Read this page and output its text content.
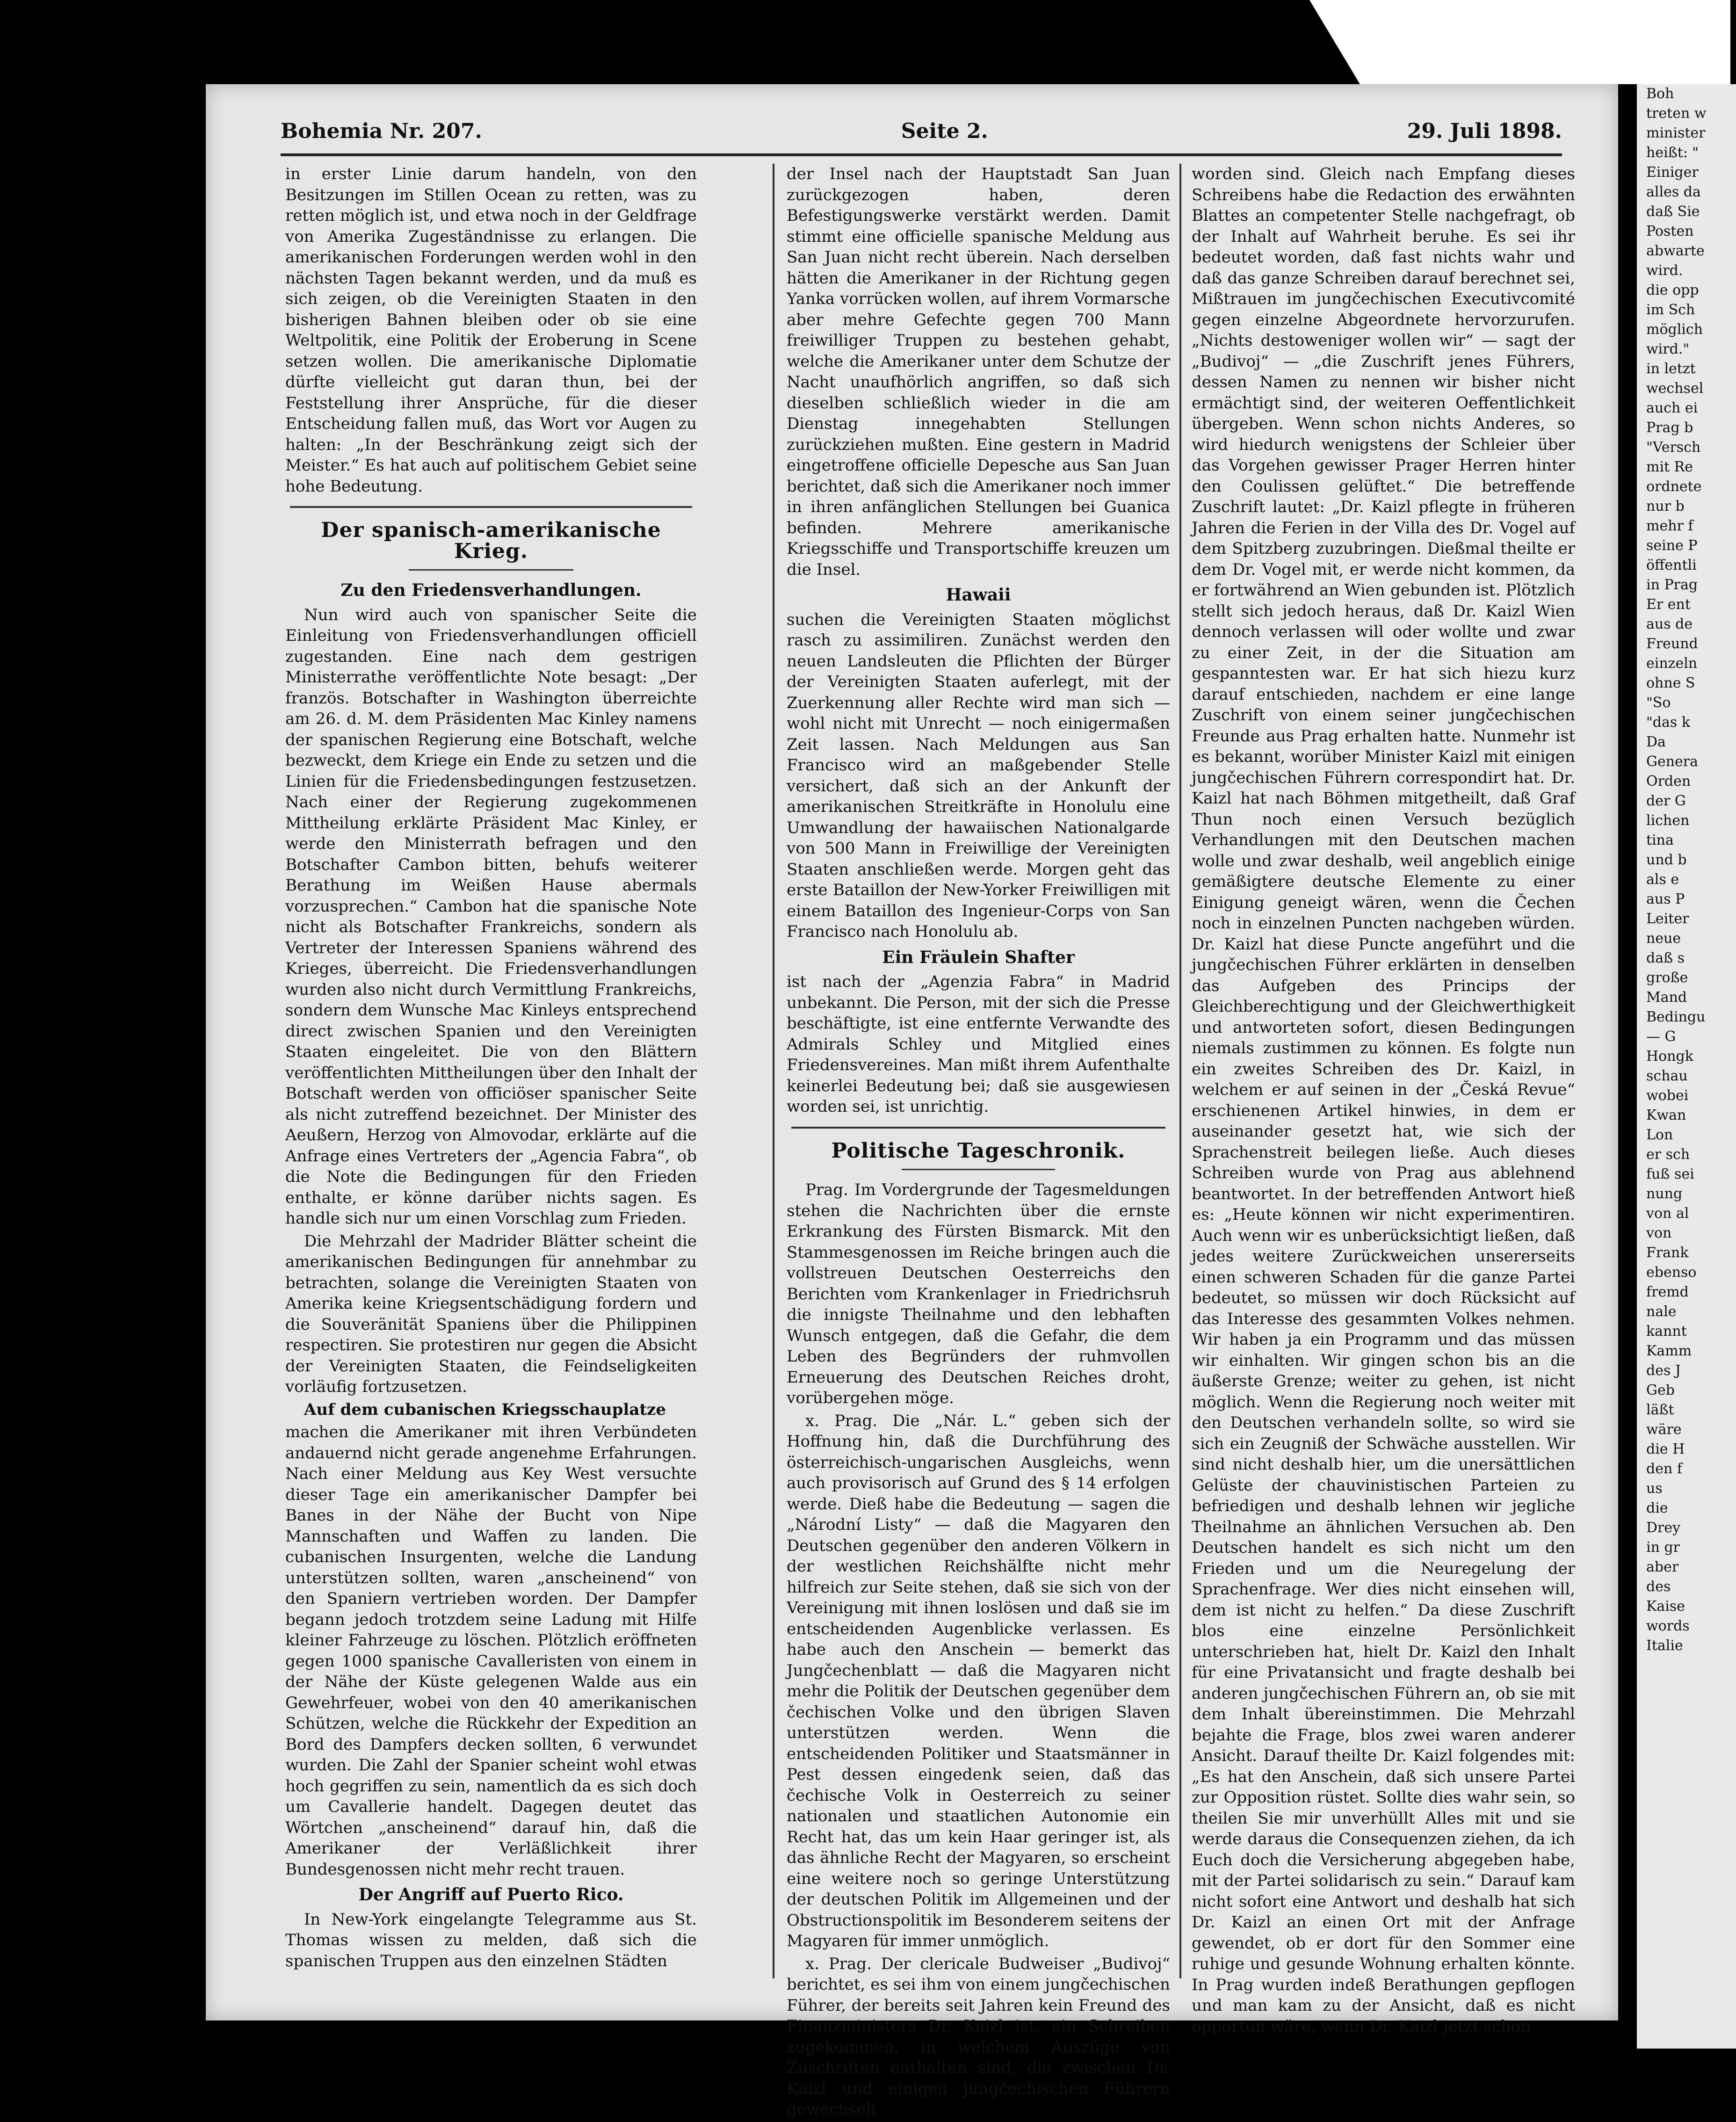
Bohemia Nr. 207.	Seite 2.	29. Juli 1898.

in erster Linie darum handeln, von den Besitzungen im Stillen Ocean zu retten, was zu retten möglich ist, und etwa noch in der Geldfrage von Amerika Zugeständnisse zu erlangen. Die amerikanischen Forderungen werden wohl in den nächsten Tagen bekannt werden, und da muß es sich zeigen, ob die Vereinigten Staaten in den bisherigen Bahnen bleiben oder ob sie eine Weltpolitik, eine Politik der Eroberung in Scene setzen wollen. Die amerikanische Diplomatie dürfte vielleicht gut daran thun, bei der Feststellung ihrer Ansprüche, für die dieser Entscheidung fallen muß, das Wort vor Augen zu halten: „In der Beschränkung zeigt sich der Meister.“ Es hat auch auf politischem Gebiet seine hohe Bedeutung.

Der spanisch-amerikanische Krieg.
Zu den Friedensverhandlungen.

Nun wird auch von spanischer Seite die Einleitung von Friedensverhandlungen officiell zugestanden. Eine nach dem gestrigen Ministerrathe veröffentlichte Note besagt: „Der französ. Botschafter in Washington überreichte am 26. d. M. dem Präsidenten Mac Kinley namens der spanischen Regierung eine Botschaft, welche bezweckt, dem Kriege ein Ende zu setzen und die Linien für die Friedensbedingungen festzusetzen. Nach einer der Regierung zugekommenen Mittheilung erklärte Präsident Mac Kinley, er werde den Ministerrath befragen und den Botschafter Cambon bitten, behufs weiterer Berathung im Weißen Hause abermals vorzusprechen.“ Cambon hat die spanische Note nicht als Botschafter Frankreichs, sondern als Vertreter der Interessen Spaniens während des Krieges, überreicht. Die Friedensverhandlungen wurden also nicht durch Vermittlung Frankreichs, sondern dem Wunsche Mac Kinleys entsprechend direct zwischen Spanien und den Vereinigten Staaten eingeleitet. Die von den Blättern veröffentlichten Mittheilungen über den Inhalt der Botschaft werden von officiöser spanischer Seite als nicht zutreffend bezeichnet. Der Minister des Aeußern, Herzog von Almovodar, erklärte auf die Anfrage eines Vertreters der „Agencia Fabra“, ob die Note die Bedingungen für den Frieden enthalte, er könne darüber nichts sagen. Es handle sich nur um einen Vorschlag zum Frieden.

Die Mehrzahl der Madrider Blätter scheint die amerikanischen Bedingungen für annehmbar zu betrachten, solange die Vereinigten Staaten von Amerika keine Kriegsentschädigung fordern und die Souveränität Spaniens über die Philippinen respectiren. Sie protestiren nur gegen die Absicht der Vereinigten Staaten, die Feindseligkeiten vorläufig fortzusetzen.

Auf dem cubanischen Kriegsschauplatze

machen die Amerikaner mit ihren Verbündeten andauernd nicht gerade angenehme Erfahrungen. Nach einer Meldung aus Key West versuchte dieser Tage ein amerikanischer Dampfer bei Banes in der Nähe der Bucht von Nipe Mannschaften und Waffen zu landen. Die cubanischen Insurgenten, welche die Landung unterstützen sollten, waren „anscheinend“ von den Spaniern vertrieben worden. Der Dampfer begann jedoch trotzdem seine Ladung mit Hilfe kleiner Fahrzeuge zu löschen. Plötzlich eröffneten gegen 1000 spanische Cavalleristen von einem in der Nähe der Küste gelegenen Walde aus ein Gewehrfeuer, wobei von den 40 amerikanischen Schützen, welche die Rückkehr der Expedition an Bord des Dampfers decken sollten, 6 verwundet wurden. Die Zahl der Spanier scheint wohl etwas hoch gegriffen zu sein, namentlich da es sich doch um Cavallerie handelt. Dagegen deutet das Wörtchen „anscheinend“ darauf hin, daß die Amerikaner der Verläßlichkeit ihrer Bundesgenossen nicht mehr recht trauen.

Der Angriff auf Puerto Rico.

In New-York eingelangte Telegramme aus St. Thomas wissen zu melden, daß sich die spanischen Truppen aus den einzelnen Städten

der Insel nach der Hauptstadt San Juan zurückgezogen haben, deren Befestigungswerke verstärkt werden. Damit stimmt eine officielle spanische Meldung aus San Juan nicht recht überein. Nach derselben hätten die Amerikaner in der Richtung gegen Yanka vorrücken wollen, auf ihrem Vormarsche aber mehre Gefechte gegen 700 Mann freiwilliger Truppen zu bestehen gehabt, welche die Amerikaner unter dem Schutze der Nacht unaufhörlich angriffen, so daß sich dieselben schließlich wieder in die am Dienstag innegehabten Stellungen zurückziehen mußten. Eine gestern in Madrid eingetroffene officielle Depesche aus San Juan berichtet, daß sich die Amerikaner noch immer in ihren anfänglichen Stellungen bei Guanica befinden. Mehrere amerikanische Kriegsschiffe und Transportschiffe kreuzen um die Insel.

Hawaii

suchen die Vereinigten Staaten möglichst rasch zu assimiliren. Zunächst werden den neuen Landsleuten die Pflichten der Bürger der Vereinigten Staaten auferlegt, mit der Zuerkennung aller Rechte wird man sich — wohl nicht mit Unrecht — noch einigermaßen Zeit lassen. Nach Meldungen aus San Francisco wird an maßgebender Stelle versichert, daß sich an der Ankunft der amerikanischen Streitkräfte in Honolulu eine Umwandlung der hawaiischen Nationalgarde von 500 Mann in Freiwillige der Vereinigten Staaten anschließen werde. Morgen geht das erste Bataillon der New-Yorker Freiwilligen mit einem Bataillon des Ingenieur-Corps von San Francisco nach Honolulu ab.

Ein Fräulein Shafter

ist nach der „Agenzia Fabra“ in Madrid unbekannt. Die Person, mit der sich die Presse beschäftigte, ist eine entfernte Verwandte des Admirals Schley und Mitglied eines Friedensvereines. Man mißt ihrem Aufenthalte keinerlei Bedeutung bei; daß sie ausgewiesen worden sei, ist unrichtig.

Politische Tageschronik.

Prag. Im Vordergrunde der Tagesmeldungen stehen die Nachrichten über die ernste Erkrankung des Fürsten Bismarck. Mit den Stammesgenossen im Reiche bringen auch die vollstreuen Deutschen Oesterreichs den Berichten vom Krankenlager in Friedrichsruh die innigste Theilnahme und den lebhaften Wunsch entgegen, daß die Gefahr, die dem Leben des Begründers der ruhmvollen Erneuerung des Deutschen Reiches droht, vorübergehen möge.

x. Prag. Die „Nár. L.“ geben sich der Hoffnung hin, daß die Durchführung des österreichisch-ungarischen Ausgleichs, wenn auch provisorisch auf Grund des § 14 erfolgen werde. Dieß habe die Bedeutung — sagen die „Národní Listy“ — daß die Magyaren den Deutschen gegenüber den anderen Völkern in der westlichen Reichshälfte nicht mehr hilfreich zur Seite stehen, daß sie sich von der Vereinigung mit ihnen loslösen und daß sie im entscheidenden Augenblicke verlassen. Es habe auch den Anschein — bemerkt das Jungčechenblatt — daß die Magyaren nicht mehr die Politik der Deutschen gegenüber dem čechischen Volke und den übrigen Slaven unterstützen werden. Wenn die entscheidenden Politiker und Staatsmänner in Pest dessen eingedenk seien, daß das čechische Volk in Oesterreich zu seiner nationalen und staatlichen Autonomie ein Recht hat, das um kein Haar geringer ist, als das ähnliche Recht der Magyaren, so erscheint eine weitere noch so geringe Unterstützung der deutschen Politik im Allgemeinen und der Obstructionspolitik im Besonderem seitens der Magyaren für immer unmöglich.

x. Prag. Der clericale Budweiser „Budivoj“ berichtet, es sei ihm von einem jungčechischen Führer, der bereits seit Jahren kein Freund des Finanzministers Dr. Kaizl ist, ein Schreiben zugekommen, in welchem Auszüge von Zuschriften enthalten sind, die zwischen Dr. Kaizl und einigen jungčechischen Führern gewechselt

worden sind. Gleich nach Empfang dieses Schreibens habe die Redaction des erwähnten Blattes an competenter Stelle nachgefragt, ob der Inhalt auf Wahrheit beruhe. Es sei ihr bedeutet worden, daß fast nichts wahr und daß das ganze Schreiben darauf berechnet sei, Mißtrauen im jungčechischen Executivcomité gegen einzelne Abgeordnete hervorzurufen. „Nichts destoweniger wollen wir“ — sagt der „Budivoj“ — „die Zuschrift jenes Führers, dessen Namen zu nennen wir bisher nicht ermächtigt sind, der weiteren Oeffentlichkeit übergeben. Wenn schon nichts Anderes, so wird hiedurch wenigstens der Schleier über das Vorgehen gewisser Prager Herren hinter den Coulissen gelüftet.“ Die betreffende Zuschrift lautet: „Dr. Kaizl pflegte in früheren Jahren die Ferien in der Villa des Dr. Vogel auf dem Spitzberg zuzubringen. Dießmal theilte er dem Dr. Vogel mit, er werde nicht kommen, da er fortwährend an Wien gebunden ist. Plötzlich stellt sich jedoch heraus, daß Dr. Kaizl Wien dennoch verlassen will oder wollte und zwar zu einer Zeit, in der die Situation am gespanntesten war. Er hat sich hiezu kurz darauf entschieden, nachdem er eine lange Zuschrift von einem seiner jungčechischen Freunde aus Prag erhalten hatte. Nunmehr ist es bekannt, worüber Minister Kaizl mit einigen jungčechischen Führern correspondirt hat. Dr. Kaizl hat nach Böhmen mitgetheilt, daß Graf Thun noch einen Versuch bezüglich Verhandlungen mit den Deutschen machen wolle und zwar deshalb, weil angeblich einige gemäßigtere deutsche Elemente zu einer Einigung geneigt wären, wenn die Čechen noch in einzelnen Puncten nachgeben würden. Dr. Kaizl hat diese Puncte angeführt und die jungčechischen Führer erklärten in denselben das Aufgeben des Princips der Gleichberechtigung und der Gleichwerthigkeit und antworteten sofort, diesen Bedingungen niemals zustimmen zu können. Es folgte nun ein zweites Schreiben des Dr. Kaizl, in welchem er auf seinen in der „Česká Revue“ erschienenen Artikel hinwies, in dem er auseinander gesetzt hat, wie sich der Sprachenstreit beilegen ließe. Auch dieses Schreiben wurde von Prag aus ablehnend beantwortet. In der betreffenden Antwort hieß es: „Heute können wir nicht experimentiren. Auch wenn wir es unberücksichtigt ließen, daß jedes weitere Zurückweichen unsererseits einen schweren Schaden für die ganze Partei bedeutet, so müssen wir doch Rücksicht auf das Interesse des gesammten Volkes nehmen. Wir haben ja ein Programm und das müssen wir einhalten. Wir gingen schon bis an die äußerste Grenze; weiter zu gehen, ist nicht möglich. Wenn die Regierung noch weiter mit den Deutschen verhandeln sollte, so wird sie sich ein Zeugniß der Schwäche ausstellen. Wir sind nicht deshalb hier, um die unersättlichen Gelüste der chauvinistischen Parteien zu befriedigen und deshalb lehnen wir jegliche Theilnahme an ähnlichen Versuchen ab. Den Deutschen handelt es sich nicht um den Frieden und um die Neuregelung der Sprachenfrage. Wer dies nicht einsehen will, dem ist nicht zu helfen.“ Da diese Zuschrift blos eine einzelne Persönlichkeit unterschrieben hat, hielt Dr. Kaizl den Inhalt für eine Privatansicht und fragte deshalb bei anderen jungčechischen Führern an, ob sie mit dem Inhalt übereinstimmen. Die Mehrzahl bejahte die Frage, blos zwei waren anderer Ansicht. Darauf theilte Dr. Kaizl folgendes mit: „Es hat den Anschein, daß sich unsere Partei zur Opposition rüstet. Sollte dies wahr sein, so theilen Sie mir unverhüllt Alles mit und sie werde daraus die Consequenzen ziehen, da ich Euch doch die Versicherung abgegeben habe, mit der Partei solidarisch zu sein.“ Darauf kam nicht sofort eine Antwort und deshalb hat sich Dr. Kaizl an einen Ort mit der Anfrage gewendet, ob er dort für den Sommer eine ruhige und gesunde Wohnung erhalten könnte. In Prag wurden indeß Berathungen gepflogen und man kam zu der Ansicht, daß es nicht opportun wäre, wenn Dr. Kaizl jetzt schon

Boh

treten w

minister

heißt: "

Einiger

alles da

daß Sie

Posten

abwarte

wird.

die opp

im Sch

möglich

wird."

in letzt

wechsel

auch ei

Prag b

"Versch

mit Re

ordnete

nur b

mehr f

seine P

öffentli

in Prag

Er ent

aus de

Freund

einzeln

ohne S

"So

"das k

Da

Genera

Orden

der G

lichen

tina

und b

als e

aus P

Leiter

neue

daß s

große

Mand

Bedingu

— G

Hongk

schau

wobei

Kwan

Lon

er sch

fuß sei

nung

von al

von

Frank

ebenso

fremd

nale

kannt

Kamm

des J

Geb

läßt

wäre

die H

den f

us

die

Drey

in gr

aber

des

Kaise

words

Italie
